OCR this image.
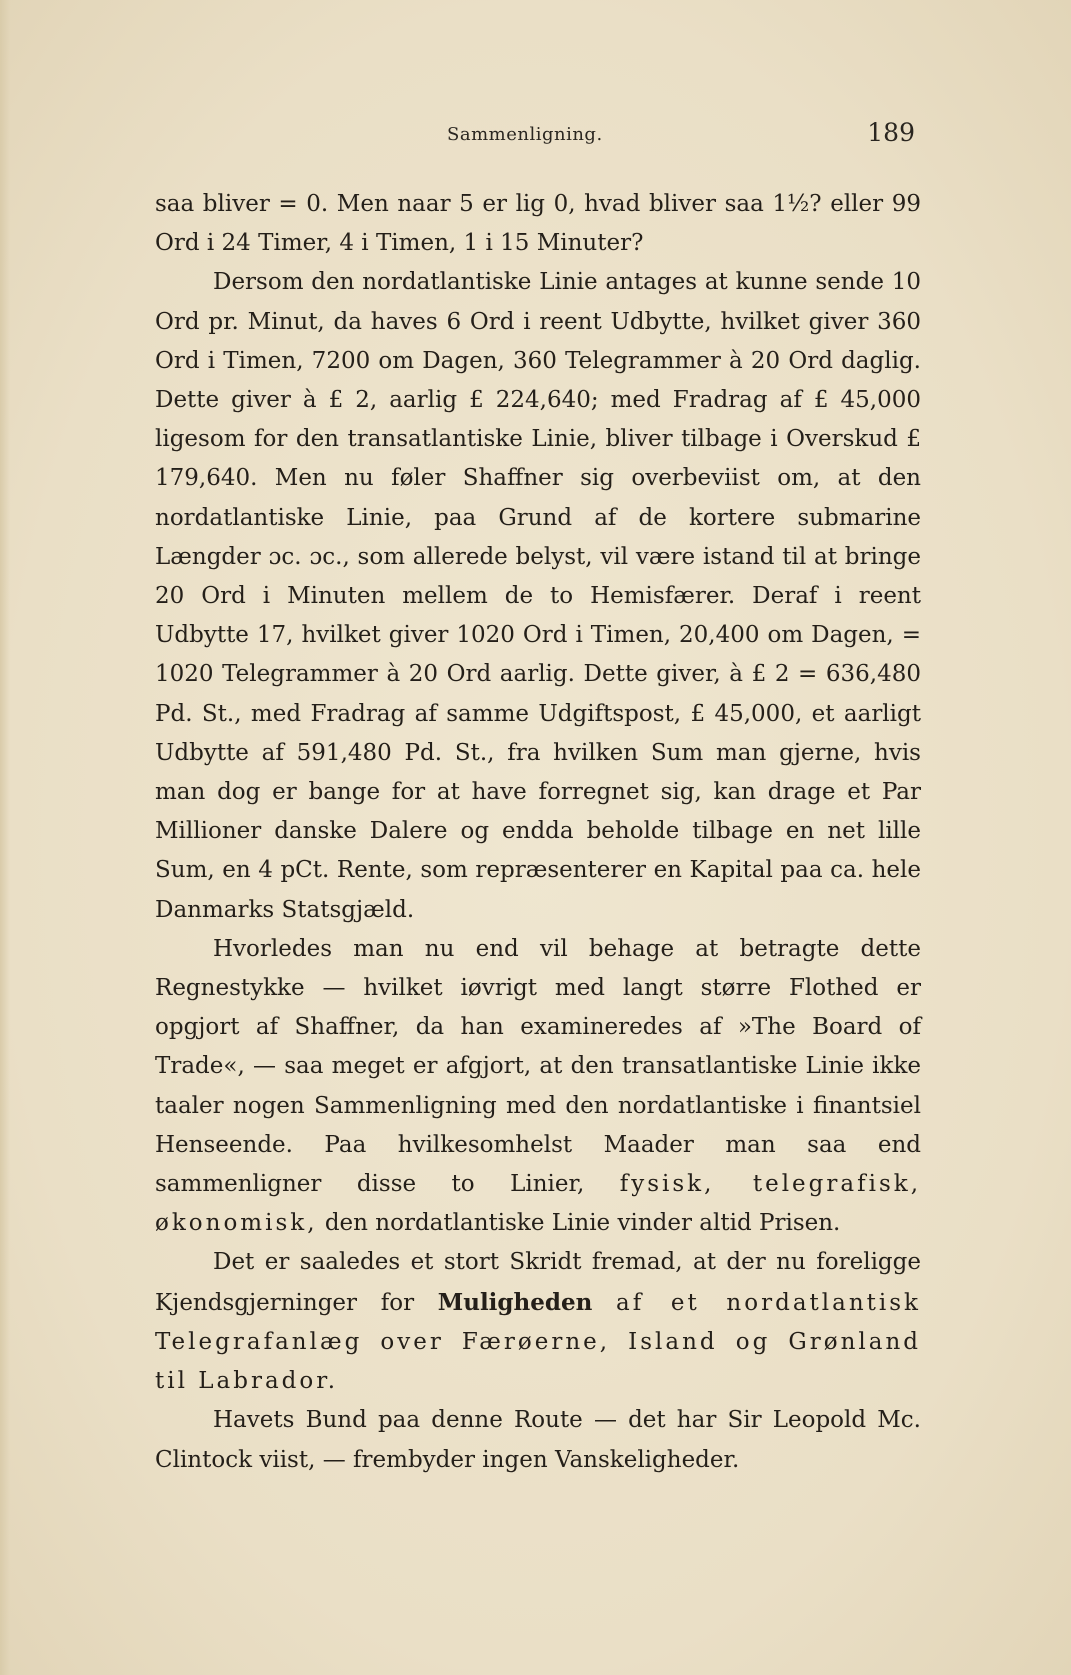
Sammenligning.	189

saa bliver = 0. Men naar 5 er lig 0, hvad bliver saa 1½? eller 99 Ord i 24 Timer, 4 i Timen, 1 i 15 Minuter?

Dersom den nordatlantiske Linie antages at kunne sende 10 Ord pr. Minut, da haves 6 Ord i reent Udbytte, hvilket giver 360 Ord i Timen, 7200 om Dagen, 360 Telegrammer à 20 Ord daglig. Dette giver à £ 2, aarlig £ 224,640; med Fradrag af £ 45,000 ligesom for den transatlantiske Linie, bliver tilbage i Overskud £ 179,640. Men nu føler Shaffner sig overbeviist om, at den nordatlantiske Linie, paa Grund af de kortere submarine Længder ɔc. ɔc., som allerede belyst, vil være istand til at bringe 20 Ord i Minuten mellem de to Hemisfærer. Deraf i reent Udbytte 17, hvilket giver 1020 Ord i Timen, 20,400 om Dagen, = 1020 Telegrammer à 20 Ord aarlig. Dette giver, à £ 2 = 636,480 Pd. St., med Fradrag af samme Udgiftspost, £ 45,000, et aarligt Udbytte af 591,480 Pd. St., fra hvilken Sum man gjerne, hvis man dog er bange for at have forregnet sig, kan drage et Par Millioner danske Dalere og endda beholde tilbage en net lille Sum, en 4 pCt. Rente, som repræsenterer en Kapital paa ca. hele Danmarks Statsgjæld.

Hvorledes man nu end vil behage at betragte dette Regnestykke — hvilket iøvrigt med langt større Flothed er opgjort af Shaffner, da han examineredes af »The Board of Trade«, — saa meget er afgjort, at den transatlantiske Linie ikke taaler nogen Sammenligning med den nordatlantiske i finantsiel Henseende. Paa hvilkesomhelst Maader man saa end sammenligner disse to Linier, fysisk, telegrafisk, økonomisk, den nordatlantiske Linie vinder altid Prisen.

Det er saaledes et stort Skridt fremad, at der nu foreligge Kjendsgjerninger for Muligheden af et nordatlantisk Telegrafanlæg over Færøerne, Island og Grønland til Labrador.

Havets Bund paa denne Route — det har Sir Leopold Mc. Clintock viist, — frembyder ingen Vanskeligheder.
